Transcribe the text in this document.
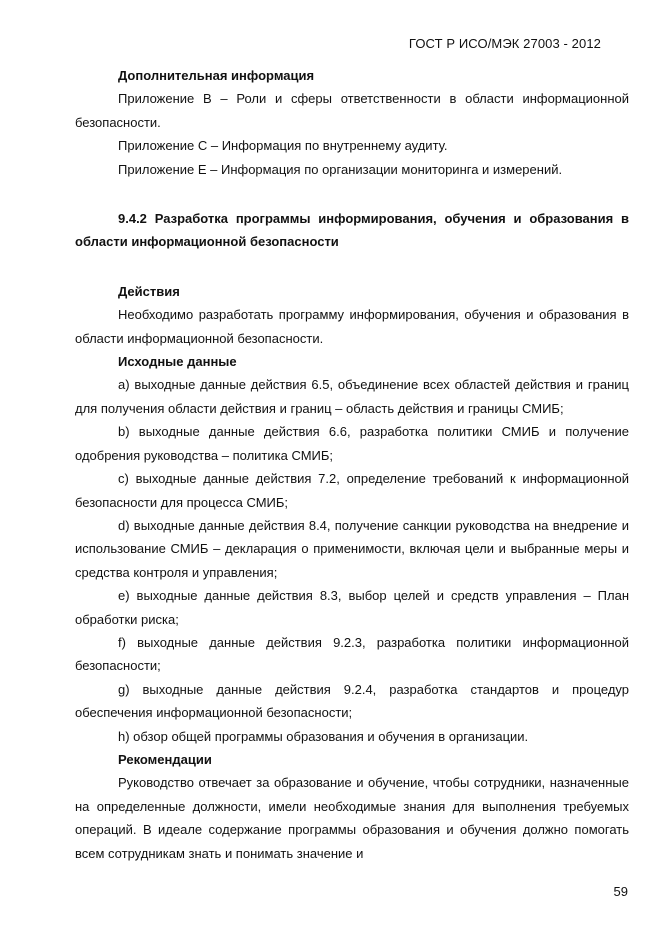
ГОСТ Р ИСО/МЭК 27003 - 2012

Дополнительная информация

Приложение B – Роли и сферы ответственности в области информационной безопасности.

Приложение С – Информация по внутреннему аудиту.

Приложение Е – Информация по организации мониторинга и измерений.

9.4.2 Разработка программы информирования, обучения и образования в области информационной безопасности

Действия

Необходимо разработать программу информирования, обучения и образования в области информационной безопасности.

Исходные данные

a) выходные данные действия 6.5, объединение всех областей действия и границ для получения области действия и границ – область действия и границы СМИБ;

b) выходные данные действия 6.6, разработка политики СМИБ и получение одобрения руководства – политика СМИБ;

c) выходные данные действия 7.2, определение требований к информационной безопасности для процесса СМИБ;

d) выходные данные действия 8.4, получение санкции руководства на внедрение и использование СМИБ – декларация о применимости, включая цели и выбранные меры и средства контроля и управления;

e) выходные данные действия 8.3, выбор целей и средств управления – План обработки риска;

f) выходные данные действия 9.2.3, разработка политики информационной безопасности;

g) выходные данные действия 9.2.4, разработка стандартов и процедур обеспечения информационной безопасности;

h) обзор общей программы образования и обучения в организации.

Рекомендации

Руководство отвечает за образование и обучение, чтобы сотрудники, назначенные на определенные должности, имели необходимые знания для выполнения требуемых операций. В идеале содержание программы образования и обучения должно помогать всем сотрудникам знать и понимать значение и

59
